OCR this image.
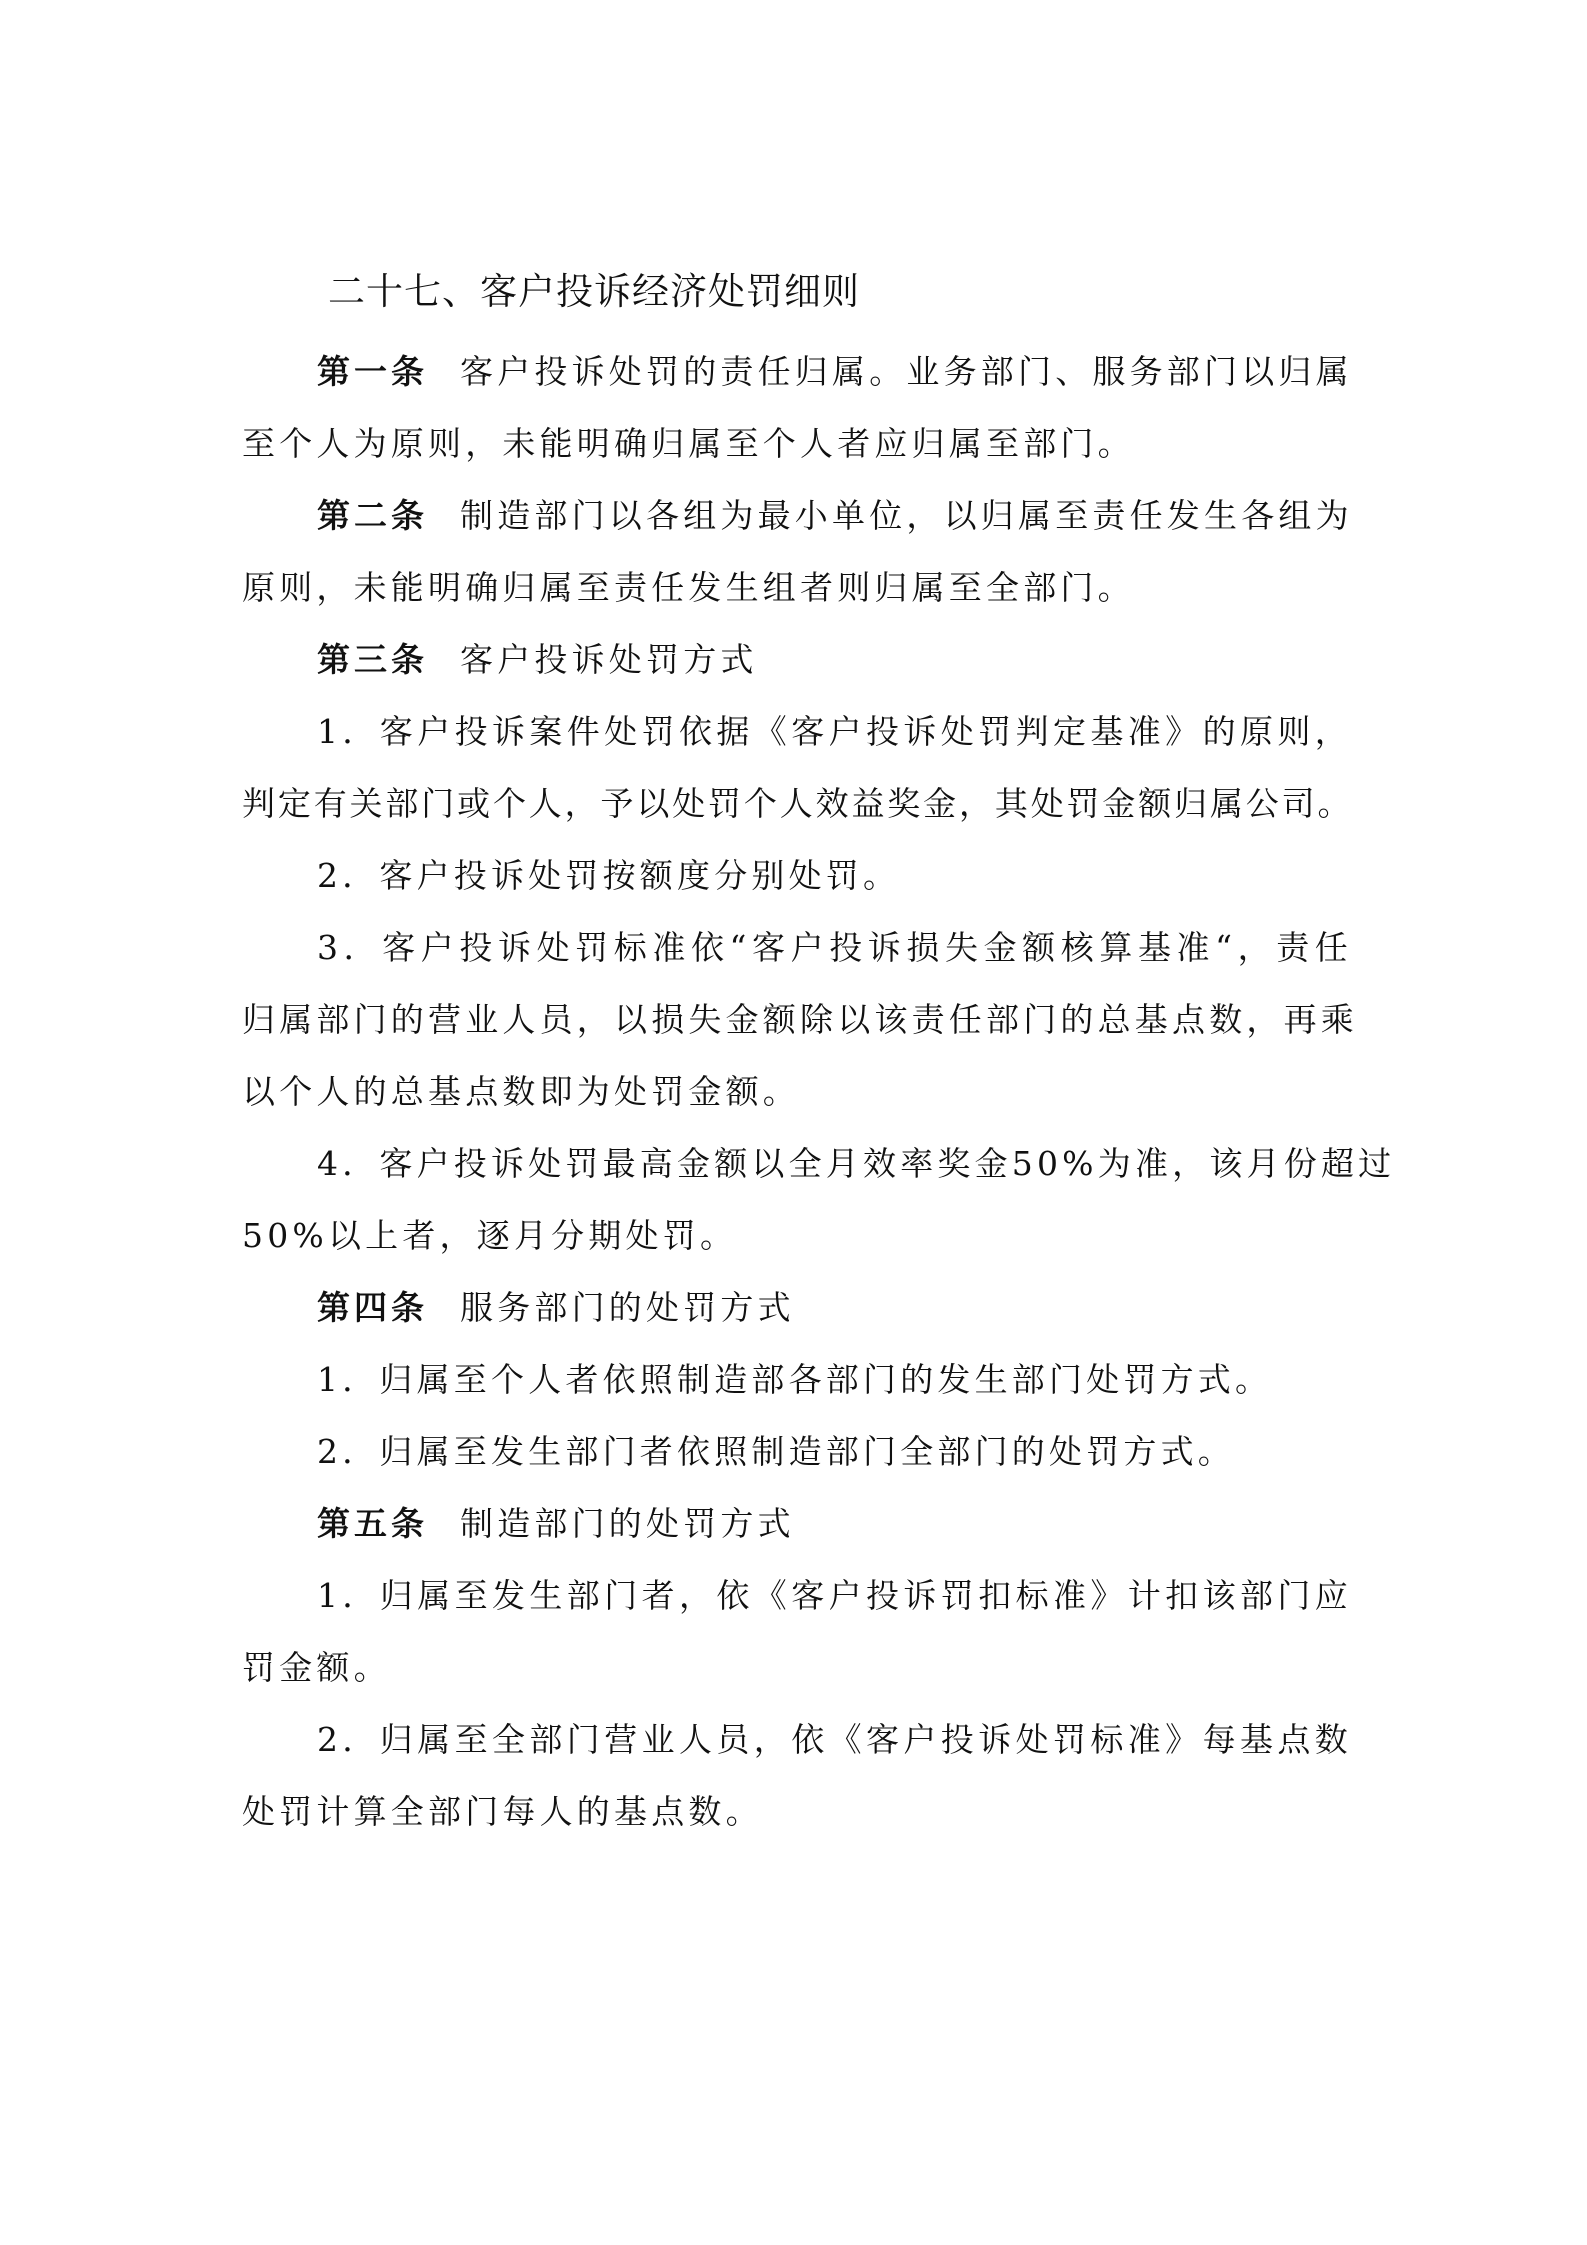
二十七、客户投诉经济处罚细则
第一条 客户投诉处罚的责任归属。业务部门、服务部门以归属
至个人为原则，未能明确归属至个人者应归属至部门。
第二条 制造部门以各组为最小单位，以归属至责任发生各组为
原则，未能明确归属至责任发生组者则归属至全部门。
第三条 客户投诉处罚方式
1．客户投诉案件处罚依据《客户投诉处罚判定基准》的原则，
判定有关部门或个人，予以处罚个人效益奖金，其处罚金额归属公司。
2．客户投诉处罚按额度分别处罚。
3．客户投诉处罚标准依“客户投诉损失金额核算基准“，责任
归属部门的营业人员，以损失金额除以该责任部门的总基点数，再乘
以个人的总基点数即为处罚金额。
4．客户投诉处罚最高金额以全月效率奖金50%为准，该月份超过
50%以上者，逐月分期处罚。
第四条 服务部门的处罚方式
1．归属至个人者依照制造部各部门的发生部门处罚方式。
2．归属至发生部门者依照制造部门全部门的处罚方式。
第五条 制造部门的处罚方式
1．归属至发生部门者，依《客户投诉罚扣标准》计扣该部门应
罚金额。
2．归属至全部门营业人员，依《客户投诉处罚标准》每基点数
处罚计算全部门每人的基点数。
